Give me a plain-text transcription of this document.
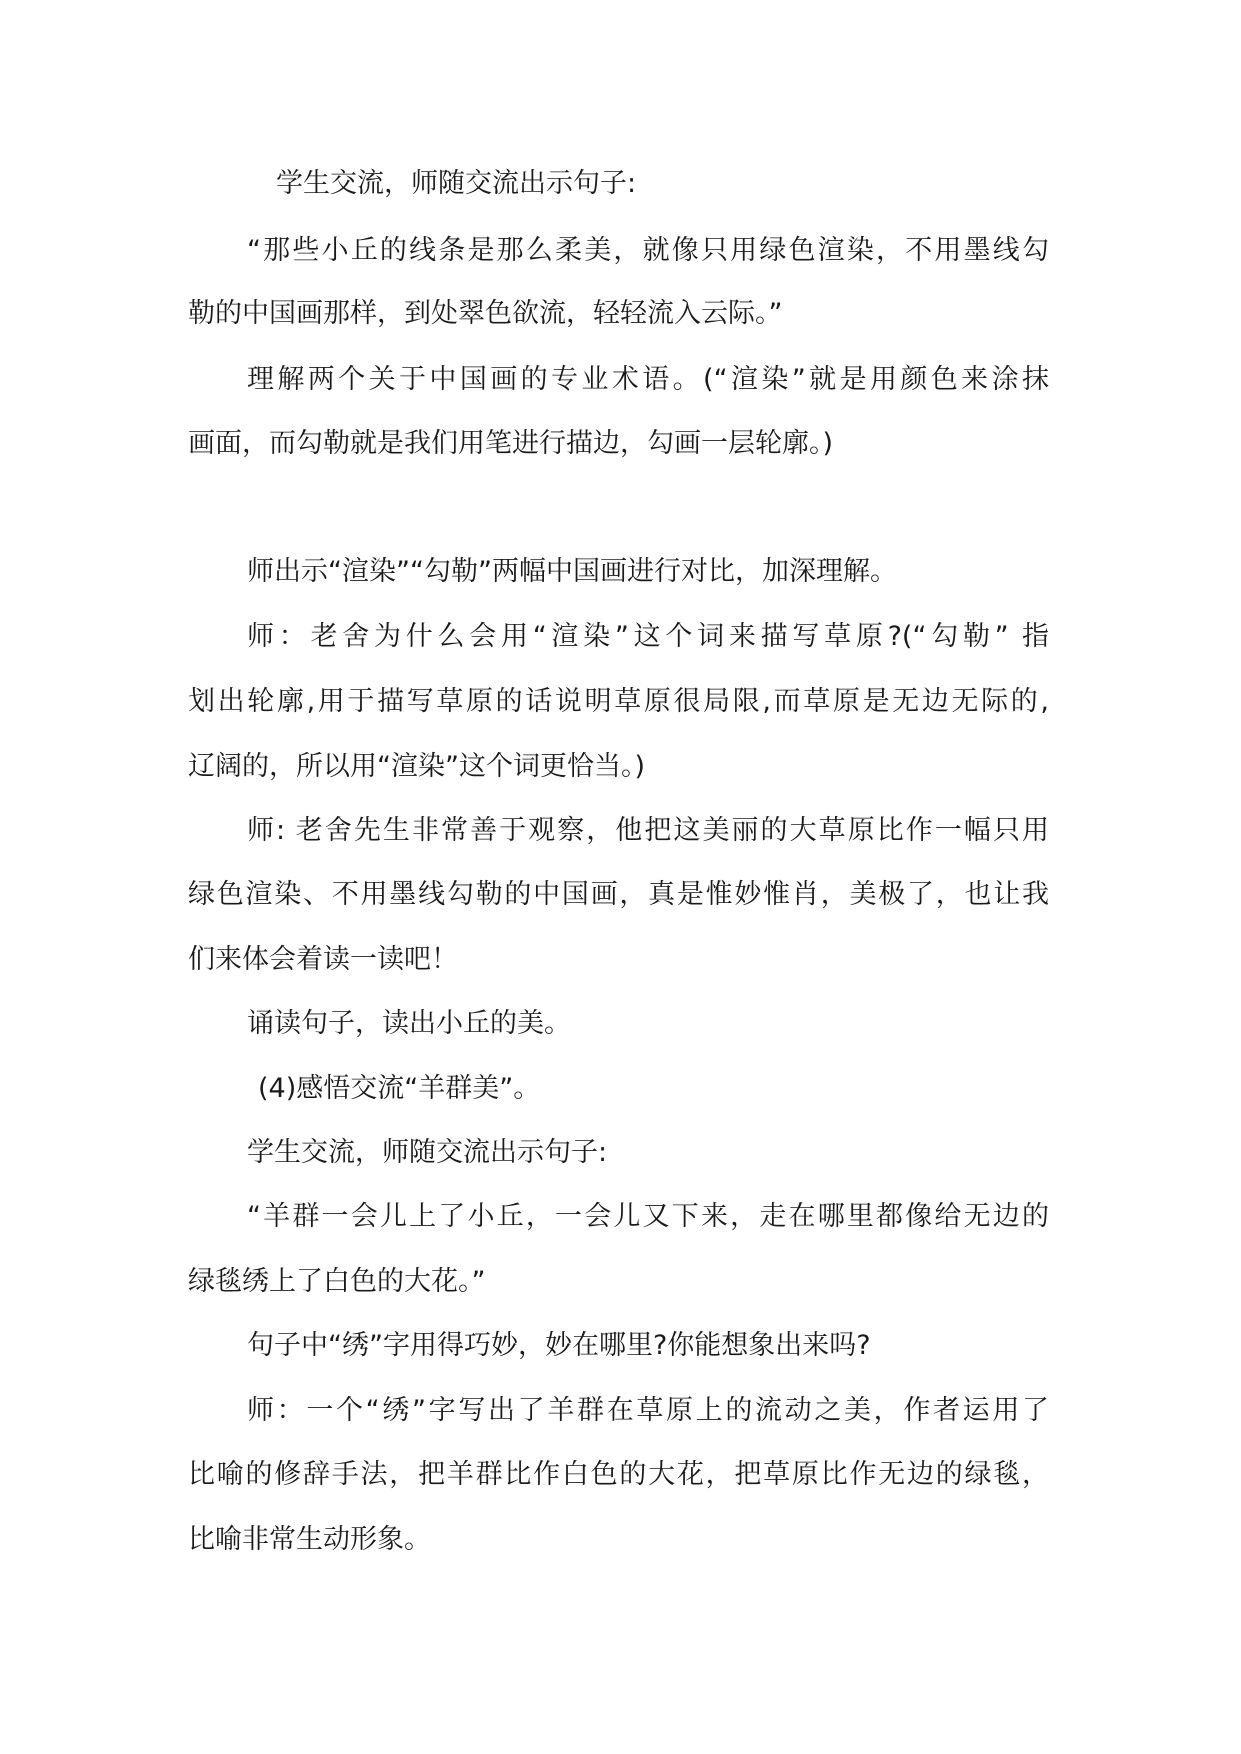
学生交流，师随交流出示句子:
“那些小丘的线条是那么柔美，就像只用绿色渲染，不用墨线勾
勒的中国画那样，到处翠色欲流，轻轻流入云际。”
理解两个关于中国画的专业术语。(“渲染”就是用颜色来涂抹
画面，而勾勒就是我们用笔进行描边，勾画一层轮廓。)
师出示“渲染”“勾勒”两幅中国画进行对比，加深理解。
师：老舍为什么会用“渲染”这个词来描写草原?(“勾勒” 指
划出轮廓,用于描写草原的话说明草原很局限,而草原是无边无际的,
辽阔的，所以用“渲染”这个词更恰当。)
师: 老舍先生非常善于观察，他把这美丽的大草原比作一幅只用
绿色渲染、不用墨线勾勒的中国画，真是惟妙惟肖，美极了，也让我
们来体会着读一读吧！
诵读句子，读出小丘的美。
(4)感悟交流“羊群美”。
学生交流，师随交流出示句子:
“羊群一会儿上了小丘，一会儿又下来，走在哪里都像给无边的
绿毯绣上了白色的大花。”
句子中“绣”字用得巧妙，妙在哪里?你能想象出来吗?
师：一个“绣”字写出了羊群在草原上的流动之美，作者运用了
比喻的修辞手法，把羊群比作白色的大花，把草原比作无边的绿毯，
比喻非常生动形象。
